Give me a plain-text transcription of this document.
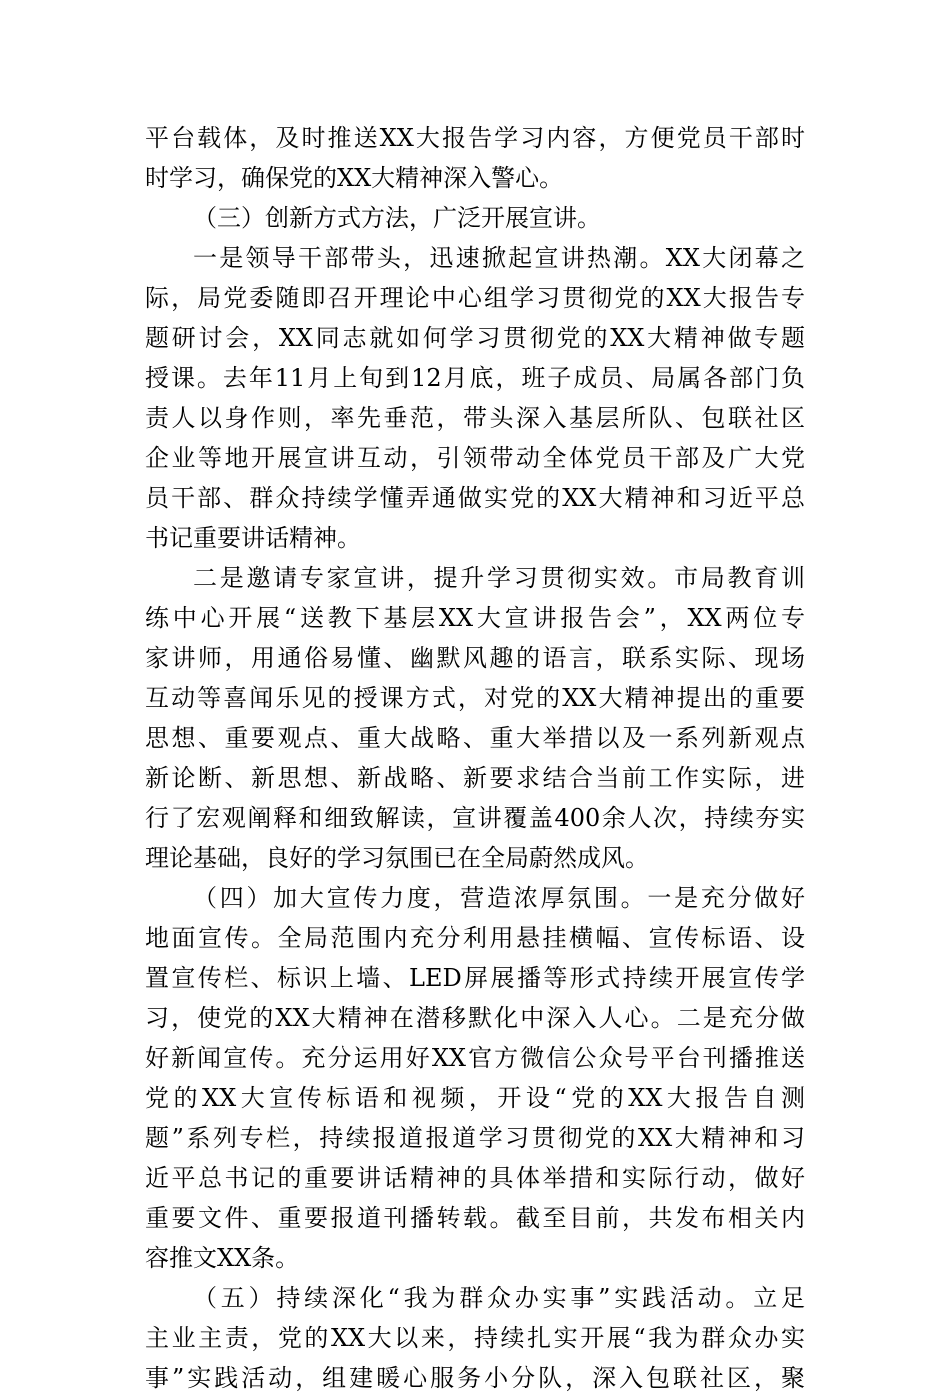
平台载体，及时推送XX大报告学习内容，方便党员干部时
时学习，确保党的XX大精神深入警心。
（三）创新方式方法，广泛开展宣讲。
一是领导干部带头，迅速掀起宣讲热潮。XX大闭幕之
际，局党委随即召开理论中心组学习贯彻党的XX大报告专
题研讨会，XX同志就如何学习贯彻党的XX大精神做专题
授课。去年11月上旬到12月底，班子成员、局属各部门负
责人以身作则，率先垂范，带头深入基层所队、包联社区
企业等地开展宣讲互动，引领带动全体党员干部及广大党
员干部、群众持续学懂弄通做实党的XX大精神和习近平总
书记重要讲话精神。
二是邀请专家宣讲，提升学习贯彻实效。市局教育训
练中心开展“送教下基层XX大宣讲报告会”，XX两位专
家讲师，用通俗易懂、幽默风趣的语言，联系实际、现场
互动等喜闻乐见的授课方式，对党的XX大精神提出的重要
思想、重要观点、重大战略、重大举措以及一系列新观点
新论断、新思想、新战略、新要求结合当前工作实际，进
行了宏观阐释和细致解读，宣讲覆盖400余人次，持续夯实
理论基础，良好的学习氛围已在全局蔚然成风。
（四）加大宣传力度，营造浓厚氛围。一是充分做好
地面宣传。全局范围内充分利用悬挂横幅、宣传标语、设
置宣传栏、标识上墙、LED屏展播等形式持续开展宣传学
习，使党的XX大精神在潜移默化中深入人心。二是充分做
好新闻宣传。充分运用好XX官方微信公众号平台刊播推送
党的XX大宣传标语和视频，开设“党的XX大报告自测
题”系列专栏，持续报道报道学习贯彻党的XX大精神和习
近平总书记的重要讲话精神的具体举措和实际行动，做好
重要文件、重要报道刊播转载。截至目前，共发布相关内
容推文XX条。
（五）持续深化“我为群众办实事”实践活动。立足
主业主责，党的XX大以来，持续扎实开展“我为群众办实
事”实践活动，组建暖心服务小分队，深入包联社区，聚
